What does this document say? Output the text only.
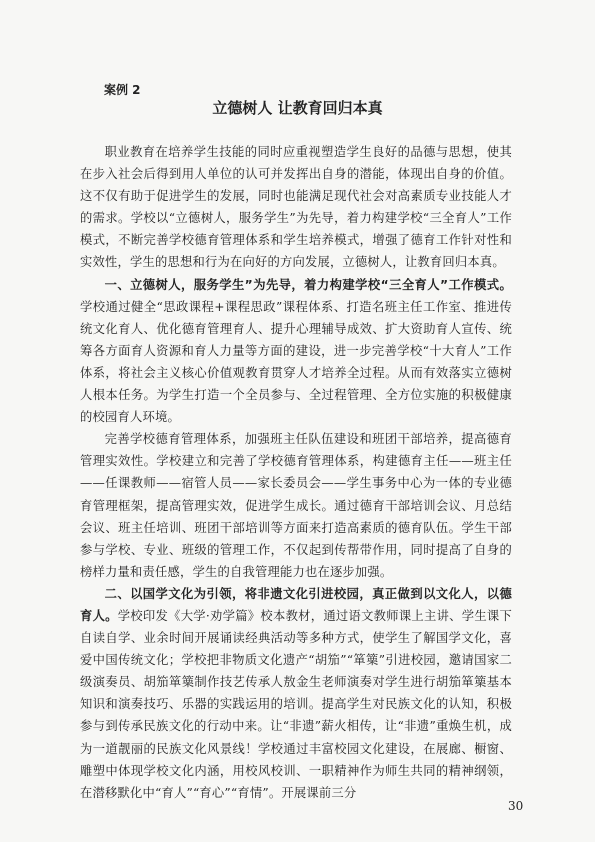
案例 2
立德树人 让教育回归本真

职业教育在培养学生技能的同时应重视塑造学生良好的品德与思想，使其在步入社会后得到用人单位的认可并发挥出自身的潜能，体现出自身的价值。这不仅有助于促进学生的发展，同时也能满足现代社会对高素质专业技能人才的需求。学校以“立德树人，服务学生”为先导，着力构建学校“三全育人”工作模式，不断完善学校德育管理体系和学生培养模式，增强了德育工作针对性和实效性，学生的思想和行为在向好的方向发展，立德树人，让教育回归本真。

一、立德树人，服务学生”为先导，着力构建学校“三全育人”工作模式。学校通过健全“思政课程+课程思政”课程体系、打造名班主任工作室、推进传统文化育人、优化德育管理育人、提升心理辅导成效、扩大资助育人宣传、统筹各方面育人资源和育人力量等方面的建设，进一步完善学校“十大育人”工作体系，将社会主义核心价值观教育贯穿人才培养全过程。从而有效落实立德树人根本任务。为学生打造一个全员参与、全过程管理、全方位实施的积极健康的校园育人环境。

完善学校德育管理体系，加强班主任队伍建设和班团干部培养，提高德育管理实效性。学校建立和完善了学校德育管理体系，构建德育主任——班主任——任课教师——宿管人员——家长委员会——学生事务中心为一体的专业德育管理框架，提高管理实效，促进学生成长。通过德育干部培训会议、月总结会议、班主任培训、班团干部培训等方面来打造高素质的德育队伍。学生干部参与学校、专业、班级的管理工作，不仅起到传帮带作用，同时提高了自身的榜样力量和责任感，学生的自我管理能力也在逐步加强。

二、以国学文化为引领，将非遗文化引进校园，真正做到以文化人，以德育人。学校印发《大学·劝学篇》校本教材，通过语文教师课上主讲、学生课下自读自学、业余时间开展诵读经典活动等多种方式，使学生了解国学文化，喜爱中国传统文化；学校把非物质文化遗产“胡笳”“箪篥”引进校园，邀请国家二级演奏员、胡笳箪篥制作技艺传承人敖金生老师演奏对学生进行胡笳箪篥基本知识和演奏技巧、乐器的实践运用的培训。提高学生对民族文化的认知，积极参与到传承民族文化的行动中来。让“非遗”薪火相传，让“非遗”重焕生机，成为一道靓丽的民族文化风景线！学校通过丰富校园文化建设，在展廊、橱窗、雕塑中体现学校文化内涵，用校风校训、一职精神作为师生共同的精神纲领，在潜移默化中“育人”“育心”“育情”。开展课前三分

30
